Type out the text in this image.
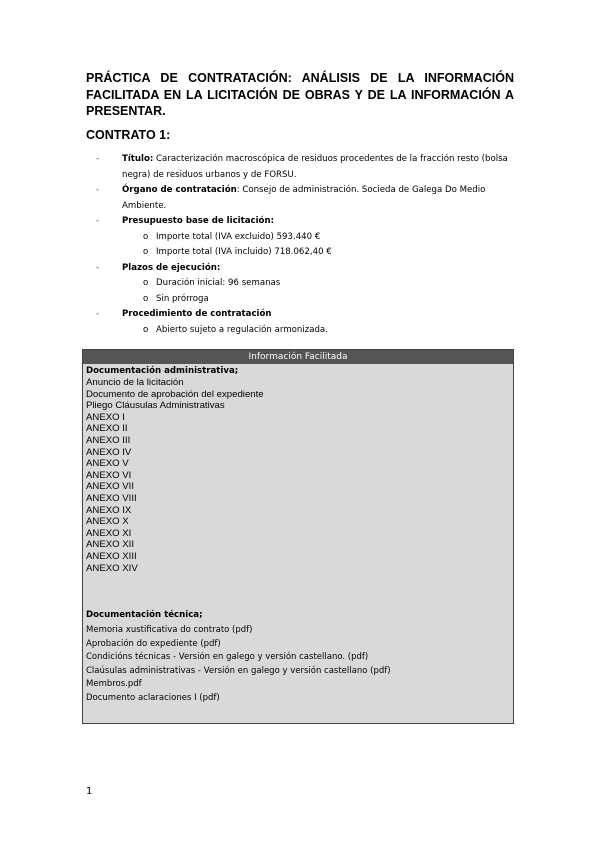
PRÁCTICA DE CONTRATACIÓN: ANÁLISIS DE LA INFORMACIÓN FACILITADA EN LA LICITACIÓN DE OBRAS Y DE LA INFORMACIÓN A PRESENTAR.
CONTRATO 1:
-	Título: Caracterización macroscópica de residuos procedentes de la fracción resto (bolsa negra) de residuos urbanos y de FORSU.
-	Órgano de contratación: Consejo de administración. Socieda de Galega Do Medio Ambiente.
-	Presupuesto base de licitación:
o Importe total (IVA excluido) 593.440 €
o Importe total (IVA incluido) 718.062,40 €
-	Plazos de ejecución:
o Duración inicial: 96 semanas
o Sin prórroga
-	Procedimiento de contratación
o Abierto sujeto a regulación armonizada.
Información Facilitada
Documentación administrativa;
Anuncio de la licitación
Documento de aprobación del expediente
Pliego Cláusulas Administrativas
ANEXO I
ANEXO II
ANEXO III
ANEXO IV
ANEXO V
ANEXO VI
ANEXO VII
ANEXO VIII
ANEXO IX
ANEXO X
ANEXO XI
ANEXO XII
ANEXO XIII
ANEXO XIV
Documentación técnica;
Memoria xustificativa do contrato (pdf)
Aprobación do expediente (pdf)
Condicións técnicas - Versión en galego y versión castellano. (pdf)
Claúsulas administrativas - Versión en galego y versión castellano (pdf)
Membros.pdf
Documento aclaraciones I (pdf)
1
